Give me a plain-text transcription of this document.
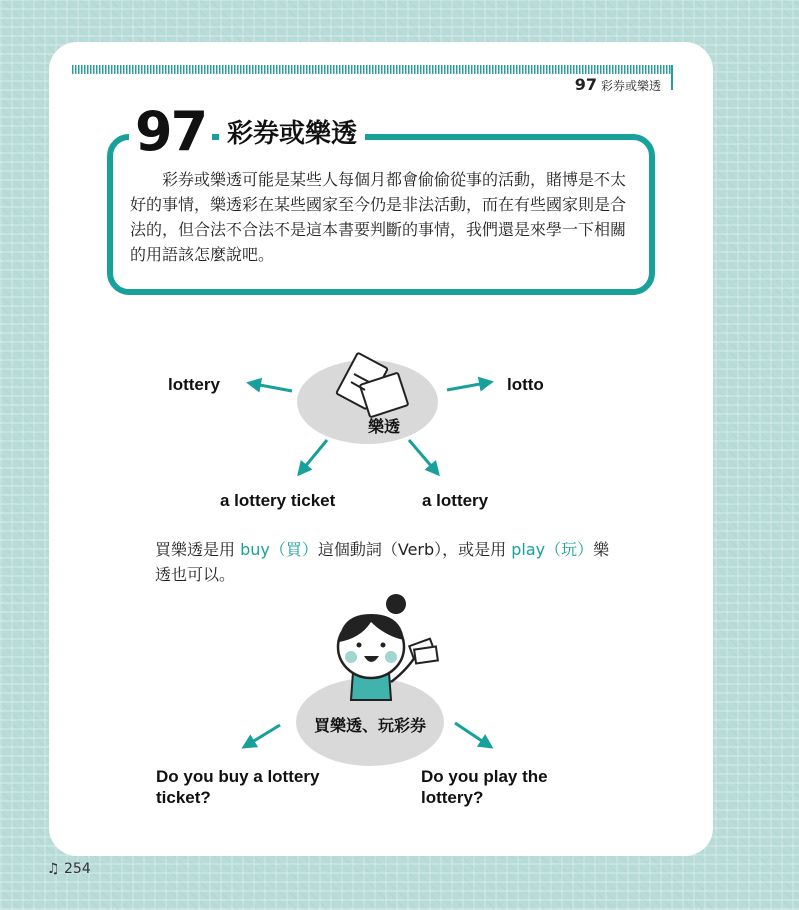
97 彩券或樂透
97 彩券或樂透

彩券或樂透可能是某些人每個月都會偷偷從事的活動，賭博是不太好的事情，樂透彩在某些國家至今仍是非法活動，而在有些國家則是合法的，但合法不合法不是這本書要判斷的事情，我們還是來學一下相關的用語該怎麼說吧。

樂透
lottery	lotto
a lottery ticket	a lottery

買樂透是用 buy（買）這個動詞（Verb），或是用 play（玩）樂透也可以。

買樂透、玩彩券
Do you buy a lottery ticket?
Do you play the lottery?
♫ 254
